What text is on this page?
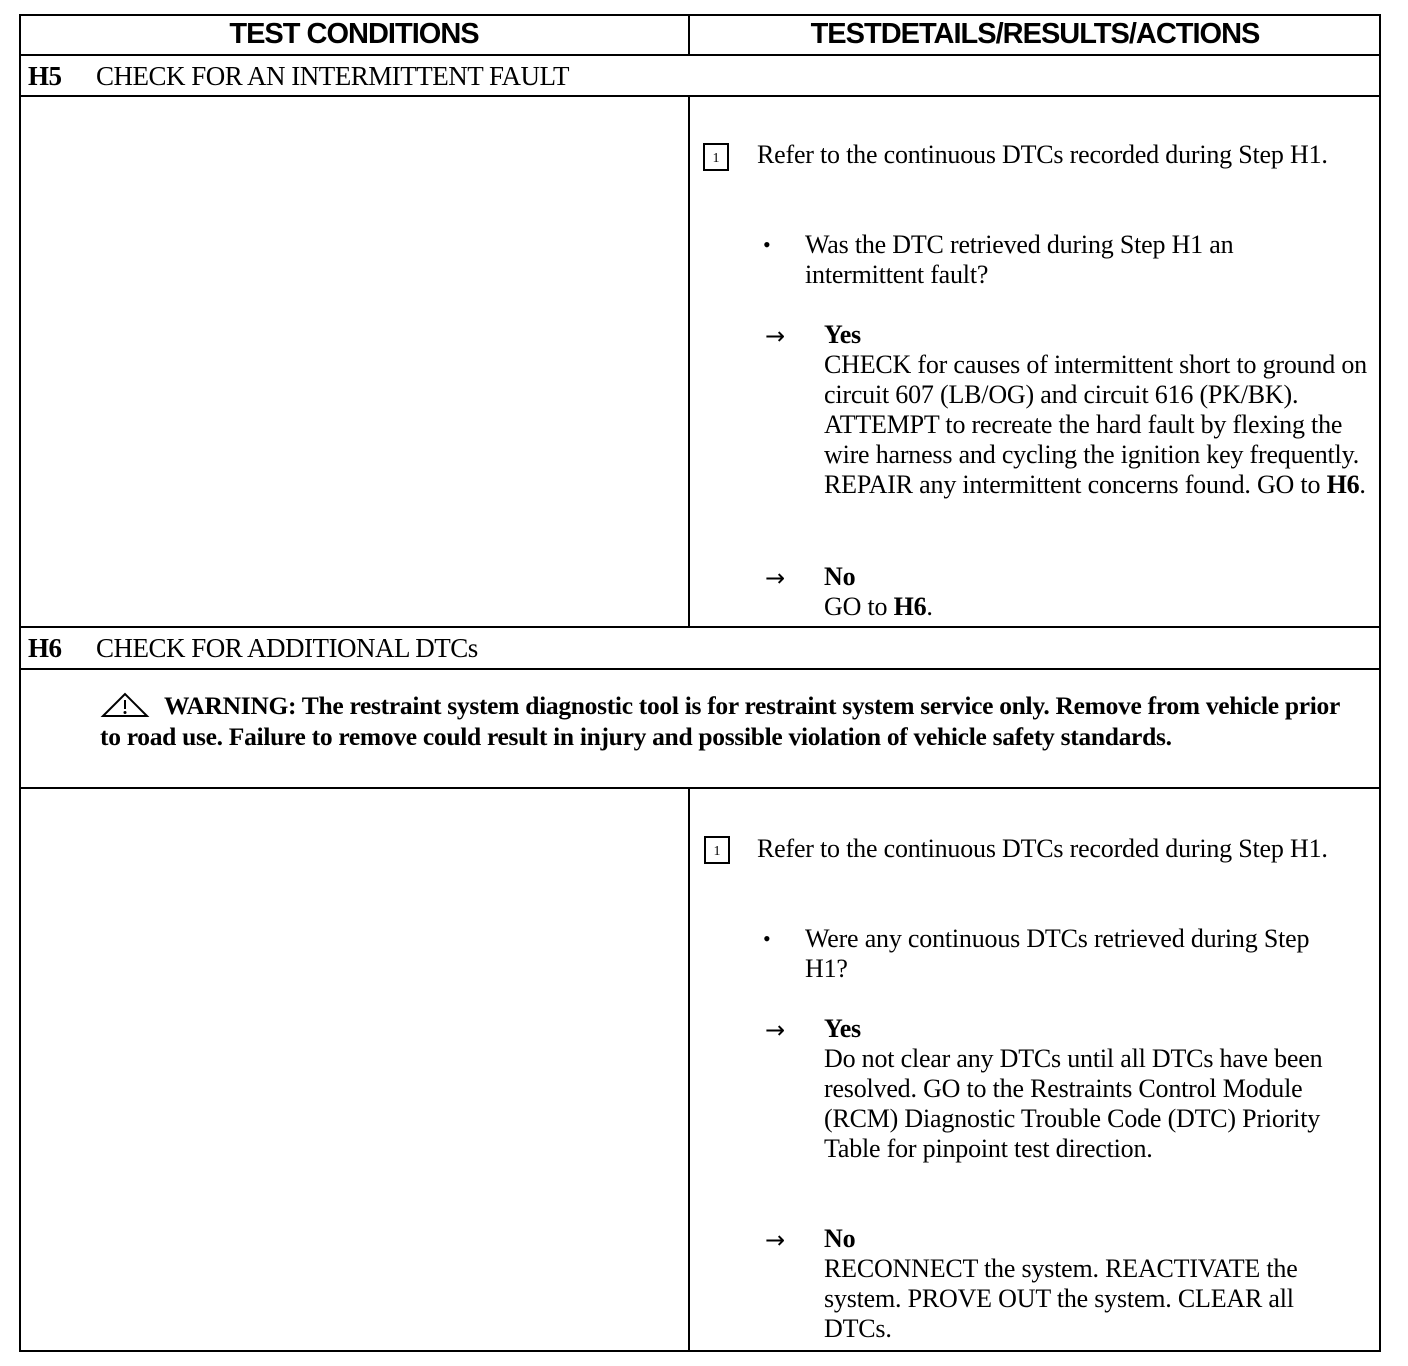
TEST CONDITIONS	TESTDETAILS/RESULTS/ACTIONS
H5 CHECK FOR AN INTERMITTENT FAULT
1	Refer to the continuous DTCs recorded during Step H1.
• Was the DTC retrieved during Step H1 an intermittent fault?
→ Yes
CHECK for causes of intermittent short to ground on circuit 607 (LB/OG) and circuit 616 (PK/BK). ATTEMPT to recreate the hard fault by flexing the wire harness and cycling the ignition key frequently. REPAIR any intermittent concerns found. GO to H6.
→ No
GO to H6.
H6 CHECK FOR ADDITIONAL DTCs
WARNING: The restraint system diagnostic tool is for restraint system service only. Remove from vehicle prior to road use. Failure to remove could result in injury and possible violation of vehicle safety standards.
1	Refer to the continuous DTCs recorded during Step H1.
• Were any continuous DTCs retrieved during Step H1?
→ Yes
Do not clear any DTCs until all DTCs have been resolved. GO to the Restraints Control Module (RCM) Diagnostic Trouble Code (DTC) Priority Table for pinpoint test direction.
→ No
RECONNECT the system. REACTIVATE the system. PROVE OUT the system. CLEAR all DTCs.
